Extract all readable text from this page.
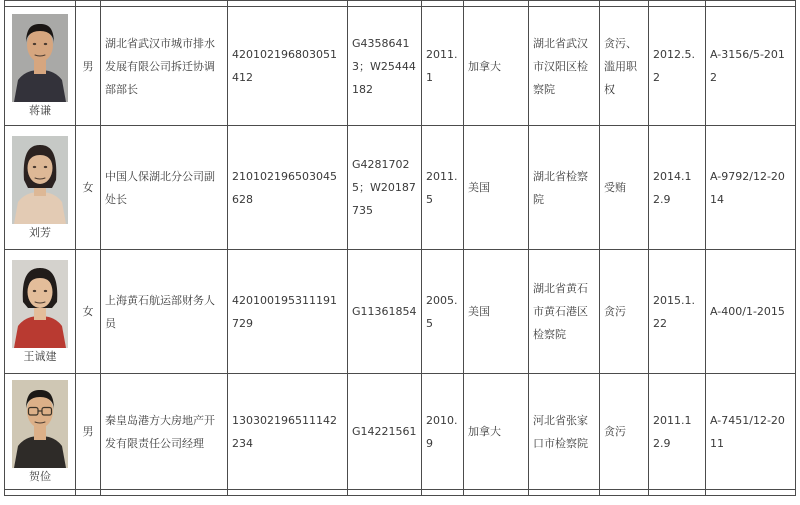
蒋谦	男	湖北省武汉市城市排水发展有限公司拆迁协调部部长	420102196803051412	G43586413；W25444182	2011.1	加拿大	湖北省武汉市汉阳区检察院	贪污、滥用职权	2012.5.2	A-3156/5-2012

刘芳	女	中国人保湖北分公司副处长	210102196503045628	G42817025；W20187735	2011.5	美国	湖北省检察院	受贿	2014.12.9	A-9792/12-2014

王诚建	女	上海黄石航运部财务人员	420100195311191729	G11361854	2005.5	美国	湖北省黄石市黄石港区检察院	贪污	2015.1.22	A-400/1-2015

贺俭	男	秦皇岛港方大房地产开发有限责任公司经理	130302196511142234	G14221561	2010.9	加拿大	河北省张家口市检察院	贪污	2011.12.9	A-7451/12-2011
